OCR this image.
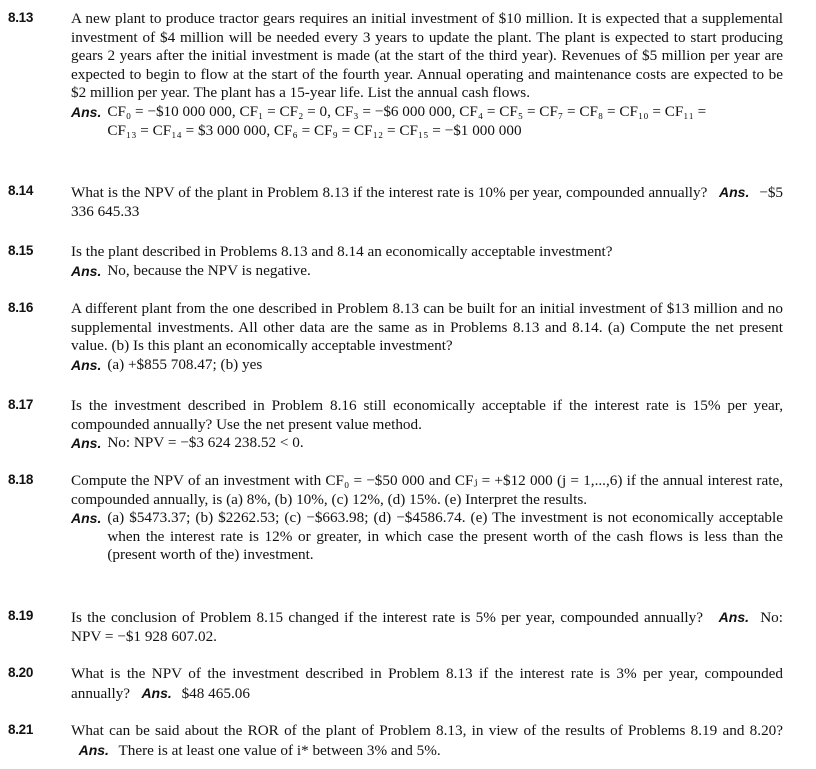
8.13 A new plant to produce tractor gears requires an initial investment of $10 million. It is expected that a supplemental investment of $4 million will be needed every 3 years to update the plant. The plant is expected to start producing gears 2 years after the initial investment is made (at the start of the third year). Revenues of $5 million per year are expected to begin to flow at the start of the fourth year. Annual operating and maintenance costs are expected to be $2 million per year. The plant has a 15-year life. List the annual cash flows.
Ans. CF₀ = −$10 000 000, CF₁ = CF₂ = 0, CF₃ = −$6 000 000, CF₄ = CF₅ = CF₇ = CF₈ = CF₁₀ = CF₁₁ =
CF₁₃ = CF₁₄ = $3 000 000, CF₆ = CF₉ = CF₁₂ = CF₁₅ = −$1 000 000
8.14 What is the NPV of the plant in Problem 8.13 if the interest rate is 10% per year, compounded annually? Ans. −$5 336 645.33
8.15 Is the plant described in Problems 8.13 and 8.14 an economically acceptable investment?
Ans. No, because the NPV is negative.
8.16 A different plant from the one described in Problem 8.13 can be built for an initial investment of $13 million and no supplemental investments. All other data are the same as in Problems 8.13 and 8.14. (a) Compute the net present value. (b) Is this plant an economically acceptable investment?
Ans. (a) +$855 708.47; (b) yes
8.17 Is the investment described in Problem 8.16 still economically acceptable if the interest rate is 15% per year, compounded annually? Use the net present value method.
Ans. No: NPV = −$3 624 238.52 < 0.
8.18 Compute the NPV of an investment with CF₀ = −$50 000 and CFⱼ = +$12 000 (j = 1,...,6) if the annual interest rate, compounded annually, is (a) 8%, (b) 10%, (c) 12%, (d) 15%. (e) Interpret the results.
Ans. (a) $5473.37; (b) $2262.53; (c) −$663.98; (d) −$4586.74. (e) The investment is not economically acceptable when the interest rate is 12% or greater, in which case the present worth of the cash flows is less than the (present worth of the) investment.
8.19 Is the conclusion of Problem 8.15 changed if the interest rate is 5% per year, compounded annually? Ans. No: NPV = −$1 928 607.02.
8.20 What is the NPV of the investment described in Problem 8.13 if the interest rate is 3% per year, compounded annually? Ans. $48 465.06
8.21 What can be said about the ROR of the plant of Problem 8.13, in view of the results of Problems 8.19 and 8.20?   Ans. There is at least one value of i* between 3% and 5%.
